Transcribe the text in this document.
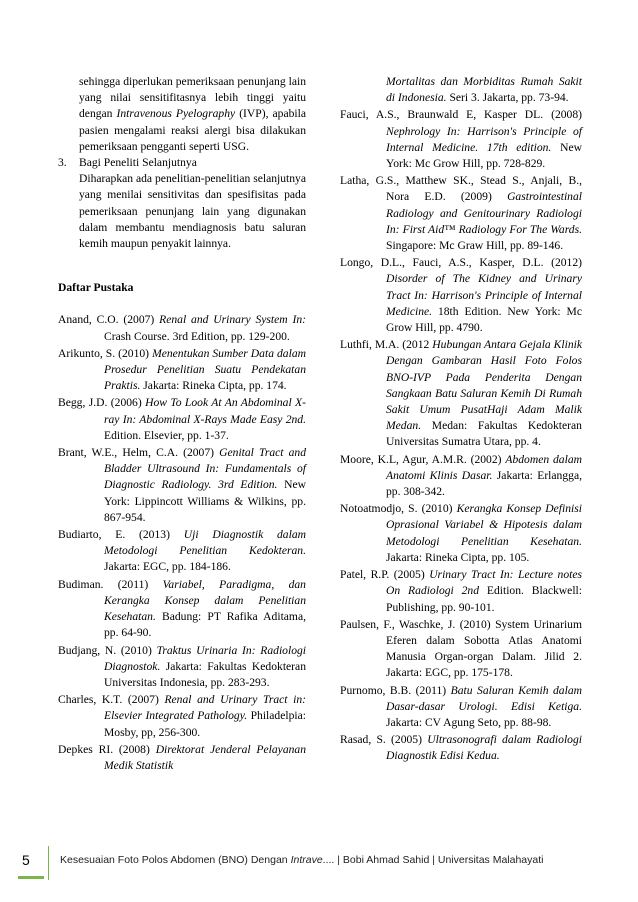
sehingga diperlukan pemeriksaan penunjang lain yang nilai sensitifitasnya lebih tinggi yaitu dengan Intravenous Pyelography (IVP), apabila pasien mengalami reaksi alergi bisa dilakukan pemeriksaan pengganti seperti USG.

3.	Bagi Peneliti Selanjutnya

Diharapkan ada penelitian-penelitian selanjutnya yang menilai sensitivitas dan spesifisitas pada pemeriksaan penunjang lain yang digunakan dalam membantu mendiagnosis batu saluran kemih maupun penyakit lainnya.

Daftar Pustaka

Anand, C.O. (2007) Renal and Urinary System In: Crash Course. 3rd Edition, pp. 129-200.

Arikunto, S. (2010) Menentukan Sumber Data dalam Prosedur Penelitian Suatu Pendekatan Praktis. Jakarta: Rineka Cipta, pp. 174.

Begg, J.D. (2006) How To Look At An Abdominal X-ray In: Abdominal X-Rays Made Easy 2nd. Edition. Elsevier, pp. 1-37.

Brant, W.E., Helm, C.A. (2007) Genital Tract and Bladder Ultrasound In: Fundamentals of Diagnostic Radiology. 3rd Edition. New York: Lippincott Williams & Wilkins, pp. 867-954.

Budiarto, E. (2013) Uji Diagnostik dalam Metodologi Penelitian Kedokteran. Jakarta: EGC, pp. 184-186.

Budiman. (2011) Variabel, Paradigma, dan Kerangka Konsep dalam Penelitian Kesehatan. Badung: PT Rafika Aditama, pp. 64-90.

Budjang, N. (2010) Traktus Urinaria In: Radiologi Diagnostok. Jakarta: Fakultas Kedokteran Universitas Indonesia, pp. 283-293.

Charles, K.T. (2007) Renal and Urinary Tract in: Elsevier Integrated Pathology. Philadelpia: Mosby, pp, 256-300.

Depkes RI. (2008) Direktorat Jenderal Pelayanan Medik Statistik

Mortalitas dan Morbiditas Rumah Sakit di Indonesia. Seri 3. Jakarta, pp. 73-94.

Fauci, A.S., Braunwald E, Kasper DL. (2008) Nephrology In: Harrison's Principle of Internal Medicine. 17th edition. New York: Mc Grow Hill, pp. 728-829.

Latha, G.S., Matthew SK., Stead S., Anjali, B., Nora E.D. (2009) Gastrointestinal Radiology and Genitourinary Radiologi In: First Aid™ Radiology For The Wards. Singapore: Mc Graw Hill, pp. 89-146.

Longo, D.L., Fauci, A.S., Kasper, D.L. (2012) Disorder of The Kidney and Urinary Tract In: Harrison's Principle of Internal Medicine. 18th Edition. New York: Mc Grow Hill, pp. 4790.

Luthfi, M.A. (2012 Hubungan Antara Gejala Klinik Dengan Gambaran Hasil Foto Folos BNO-IVP Pada Penderita Dengan Sangkaan Batu Saluran Kemih Di Rumah Sakit Umum PusatHaji Adam Malik Medan. Medan: Fakultas Kedokteran Universitas Sumatra Utara, pp. 4.

Moore, K.L, Agur, A.M.R. (2002) Abdomen dalam Anatomi Klinis Dasar. Jakarta: Erlangga, pp. 308-342.

Notoatmodjo, S. (2010) Kerangka Konsep Definisi Oprasional Variabel & Hipotesis dalam Metodologi Penelitian Kesehatan. Jakarta: Rineka Cipta, pp. 105.

Patel, R.P. (2005) Urinary Tract In: Lecture notes On Radiologi 2nd Edition. Blackwell: Publishing, pp. 90-101.

Paulsen, F., Waschke, J. (2010) System Urinarium Eferen dalam Sobotta Atlas Anatomi Manusia Organ-organ Dalam. Jilid 2. Jakarta: EGC, pp. 175-178.

Purnomo, B.B. (2011) Batu Saluran Kemih dalam Dasar-dasar Urologi. Edisi Ketiga. Jakarta: CV Agung Seto, pp. 88-98.

Rasad, S. (2005) Ultrasonografi dalam Radiologi Diagnostik Edisi Kedua.

5	Kesesuaian Foto Polos Abdomen (BNO) Dengan Intrave.... | Bobi Ahmad Sahid | Universitas Malahayati
